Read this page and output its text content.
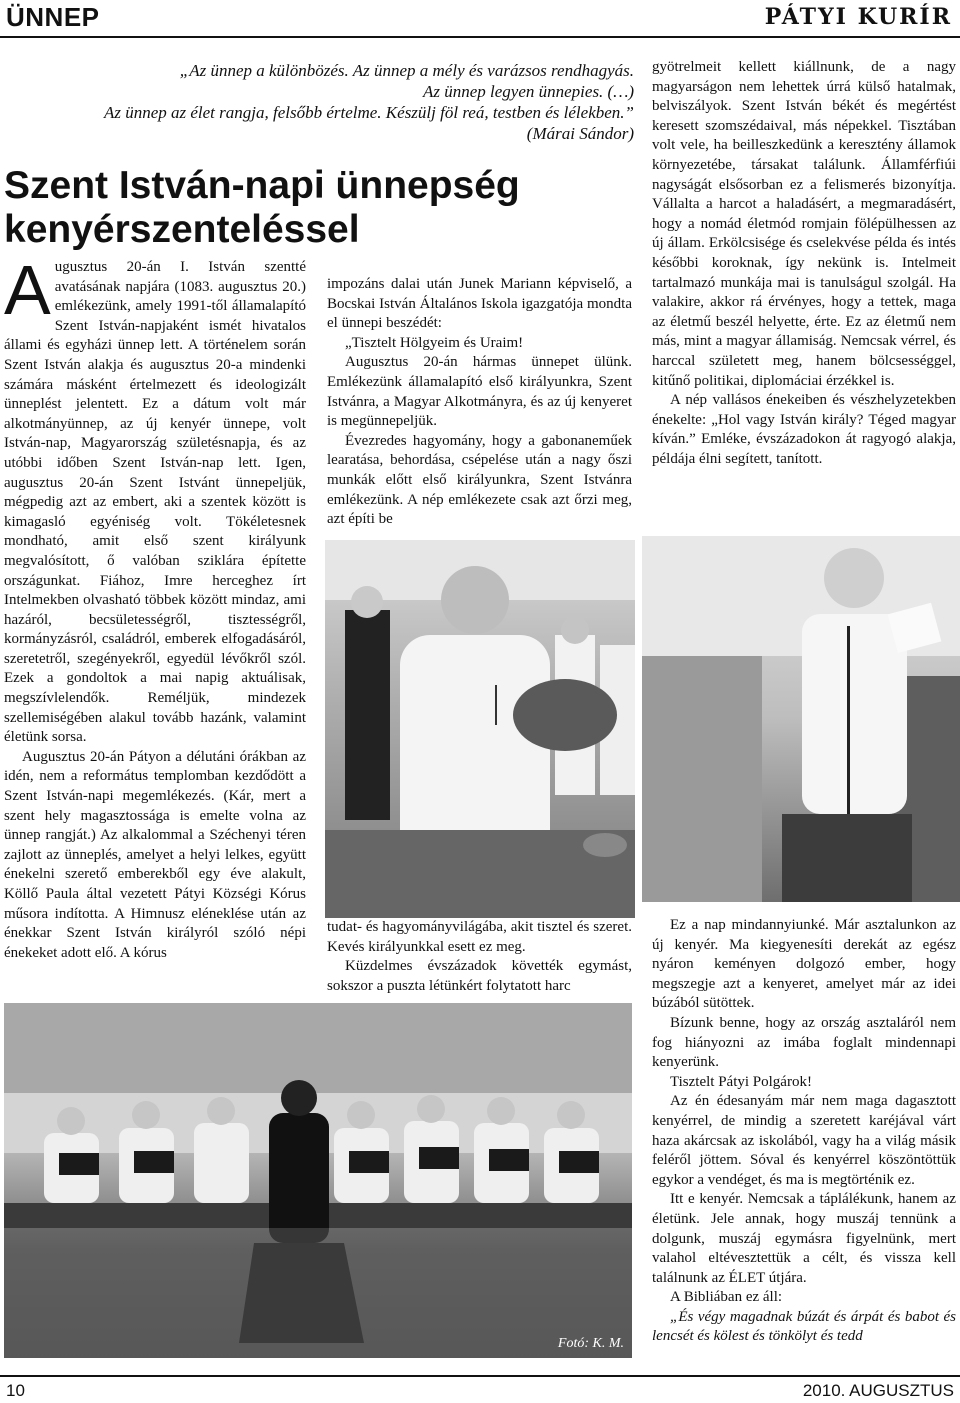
ÜNNEP	PÁTYI KURÍR
„Az ünnep a különbözés. Az ünnep a mély és varázsos rendhagyás.
Az ünnep legyen ünnepies. (…)
Az ünnep az élet rangja, felsőbb értelme. Készülj föl reá, testben és lélekben.”
(Márai Sándor)
Szent István-napi ünnepség
kenyérszenteléssel
A ugusztus 20-án I. István szentté avatásának napjára (1083. augusztus 20.) emlékezünk, amely 1991-től államalapító Szent István-napjaként ismét hivatalos állami és egyházi ünnep lett. A történelem során Szent István alakja és augusztus 20-a mindenki számára másként értelmezett és ideologizált ünneplést jelentett. Ez a dátum volt már alkotmányünnep, az új kenyér ünnepe, volt István-nap, Magyarország születésnapja, és az utóbbi időben Szent István-nap lett. Igen, augusztus 20-án Szent Istvánt ünnepeljük, mégpedig azt az embert, aki a szentek között is kimagasló egyéniség volt. Tökéletesnek mondható, amit első szent királyunk megvalósított, ő valóban sziklára építette országunkat. Fiához, Imre herceghez írt Intelmekben olvasható többek között mindaz, ami hazáról, becsületességről, tisztességről, kormányzásról, családról, emberek elfogadásáról, szeretetről, szegényekről, egyedül lévőkről szól. Ezek a gondoltok a mai napig aktuálisak, megszívlelendők. Reméljük, mindezek szellemiségében alakul tovább hazánk, valamint életünk sorsa.

Augusztus 20-án Pátyon a délutáni órákban az idén, nem a református templomban kezdődött a Szent István-napi megemlékezés. (Kár, mert a szent hely magasztossága is emelte volna az ünnep rangját.) Az alkalommal a Széchenyi téren zajlott az ünneplés, amelyet a helyi lelkes, együtt énekelni szerető emberekből egy éve alakult, Köllő Paula által vezetett Pátyi Községi Kórus műsora indította. A Himnusz eléneklése után az énekkar Szent István királyról szóló népi énekeket adott elő. A kórus

impozáns dalai után Junek Mariann képviselő, a Bocskai István Általános Iskola igazgatója mondta el ünnepi beszédét:

„Tisztelt Hölgyeim és Uraim!

Augusztus 20-án hármas ünnepet ülünk. Emlékezünk államalapító első királyunkra, Szent Istvánra, a Magyar Alkotmányra, és az új kenyeret is megünnepeljük.

Évezredes hagyomány, hogy a gabonaneműek learatása, behordása, csépelése után a nagy őszi munkák előtt első királyunkra, Szent Istvánra emlékezünk. A nép emlékezete csak azt őrzi meg, azt építi be

gyötrelmeit kellett kiállnunk, de a nagy magyarságon nem lehettek úrrá külső hatalmak, belviszályok. Szent István békét és megértést keresett szomszédaival, más népekkel. Tisztában volt vele, ha beilleszkedünk a keresztény államok környezetébe, társakat találunk. Államférfiúi nagyságát elsősorban ez a felismerés bizonyítja. Vállalta a harcot a haladásért, a megmaradásért, hogy a nomád életmód romjain fölépülhessen az új állam. Erkölcsisége és cselekvése példa és intés későbbi koroknak, így nekünk is. Intelmeit tartalmazó munkája mai is tanulságul szolgál. Ha valakire, akkor rá érvényes, hogy a tettek, maga az életmű beszél helyette, érte. Ez az életmű nem más, mint a magyar államiság. Nemcsak vérrel, és harccal született meg, hanem bölcsességgel, kitűnő politikai, diplomáciai érzékkel is.

A nép vallásos énekeiben és vészhelyzetekben énekelte: „Hol vagy István király? Téged magyar kíván.” Emléke, évszázadokon át ragyogó alakja, példája élni segített, tanított.

tudat- és hagyományvilágába, akit tisztel és szeret. Kevés királyunkkal esett ez meg.

Küzdelmes évszázadok követték egymást, sokszor a puszta létünkért folytatott harc

Ez a nap mindannyiunké. Már asztalunkon az új kenyér. Ma kiegyenesíti derekát az egész nyáron keményen dolgozó ember, hogy megszegje azt a kenyeret, amelyet már az idei búzából sütöttek.

Bízunk benne, hogy az ország asztaláról nem fog hiányozni az imába foglalt mindennapi kenyerünk.

Tisztelt Pátyi Polgárok!

Az én édesanyám már nem maga dagasztott kenyérrel, de mindig a szeretett karéjával várt haza akárcsak az iskolából, vagy ha a világ másik feléről jöttem. Sóval és kenyérrel köszöntöttük egykor a vendéget, és ma is megtörténik ez.

Itt e kenyér. Nemcsak a táplálékunk, hanem az életünk. Jele annak, hogy muszáj tennünk a dolgunk, muszáj egymásra figyelnünk, mert valahol eltévesztettük a célt, és vissza kell találnunk az ÉLET útjára.

A Bibliában ez áll:

„És végy magadnak búzát és árpát és babot és lencsét és kölest és tönkölyt és tedd

Fotó: K. M.
10	2010. AUGUSZTUS
